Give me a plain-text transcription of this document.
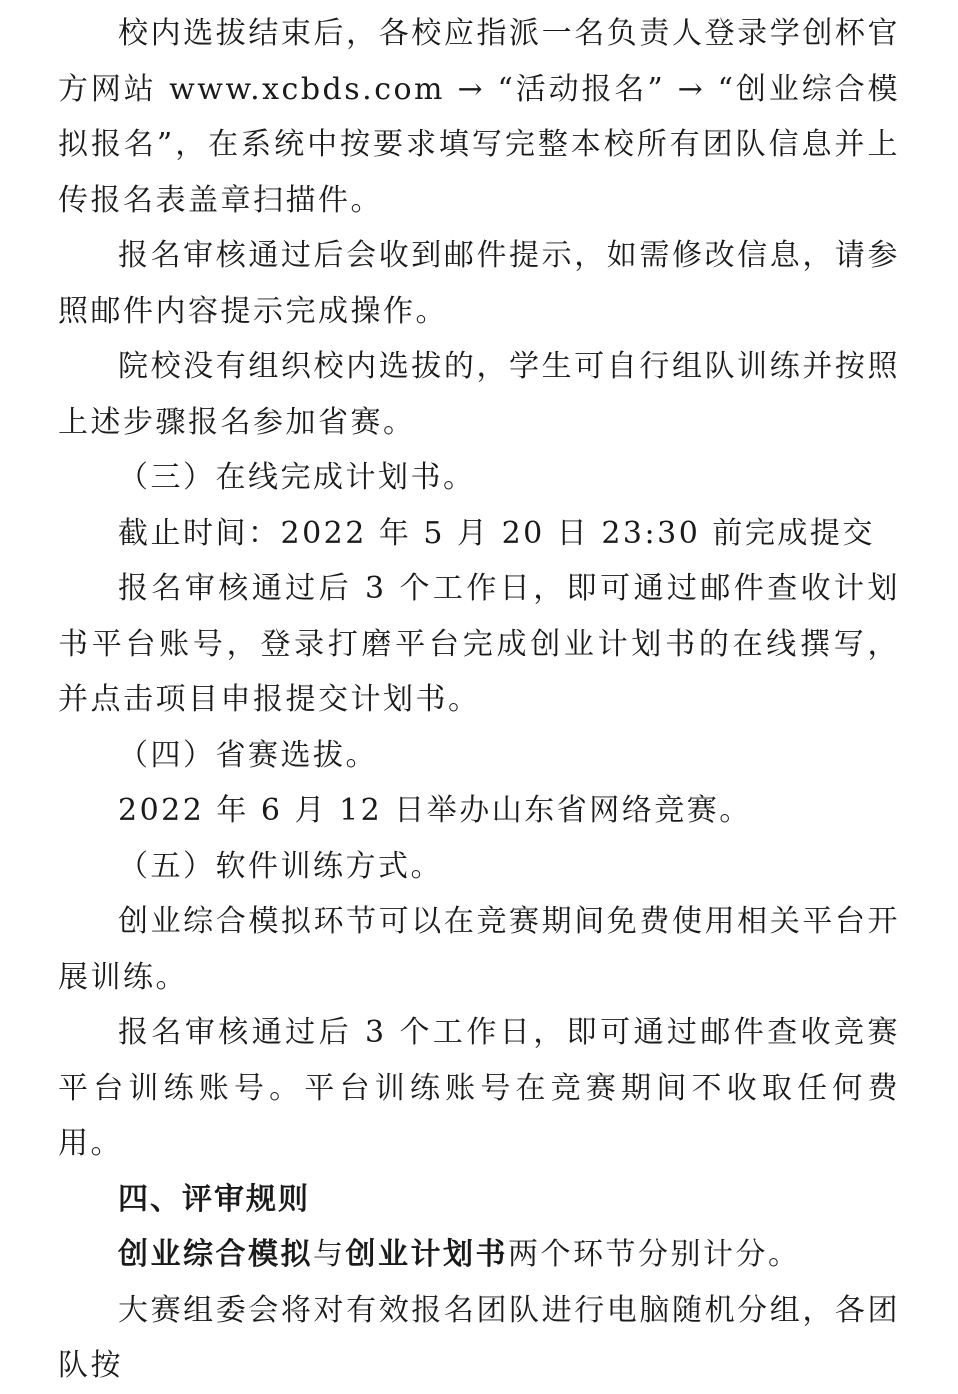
校内选拔结束后，各校应指派一名负责人登录学创杯官方网站 www.xcbds.com → “活动报名” → “创业综合模拟报名”，在系统中按要求填写完整本校所有团队信息并上传报名表盖章扫描件。

报名审核通过后会收到邮件提示，如需修改信息，请参照邮件内容提示完成操作。

院校没有组织校内选拔的，学生可自行组队训练并按照上述步骤报名参加省赛。

（三）在线完成计划书。

截止时间：2022 年 5 月 20 日 23:30 前完成提交

报名审核通过后 3 个工作日，即可通过邮件查收计划书平台账号，登录打磨平台完成创业计划书的在线撰写，并点击项目申报提交计划书。

（四）省赛选拔。

2022 年 6 月 12 日举办山东省网络竞赛。

（五）软件训练方式。

创业综合模拟环节可以在竞赛期间免费使用相关平台开展训练。

报名审核通过后 3 个工作日，即可通过邮件查收竞赛平台训练账号。平台训练账号在竞赛期间不收取任何费用。

四、评审规则

创业综合模拟与创业计划书两个环节分别计分。

大赛组委会将对有效报名团队进行电脑随机分组，各团队按
